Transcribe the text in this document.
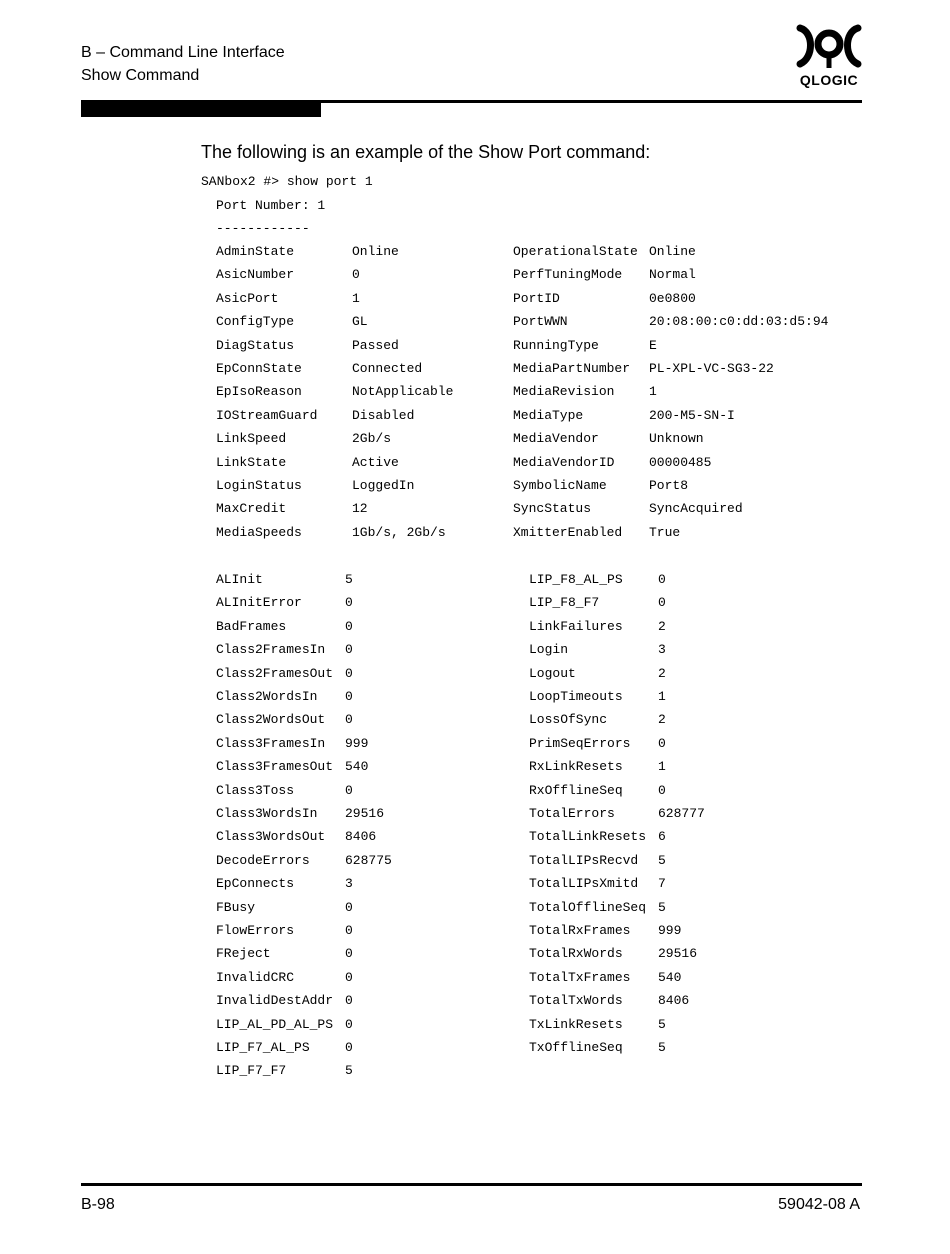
B – Command Line Interface
Show Command	QLOGIC
The following is an example of the Show Port command:
SANbox2 #> show port 1
Port Number: 1
------------
AdminState	Online	OperationalState Online
AsicNumber	0	PerfTuningMode Normal
AsicPort	1	PortID	0e0800
ConfigType	GL	PortWWN	20:08:00:c0:dd:03:d5:94
DiagStatus	Passed	RunningType	E
EpConnState	Connected	MediaPartNumber PL-XPL-VC-SG3-22
EpIsoReason	NotApplicable	MediaRevision	1
IOStreamGuard	Disabled	MediaType	200-M5-SN-I
LinkSpeed	2Gb/s	MediaVendor	Unknown
LinkState	Active	MediaVendorID	00000485
LoginStatus	LoggedIn	SymbolicName	Port8
MaxCredit	12	SyncStatus	SyncAcquired
MediaSpeeds	1Gb/s, 2Gb/s	XmitterEnabled True
ALInit	5	LIP_F8_AL_PS	0
ALInitError	0	LIP_F8_F7	0
BadFrames	0	LinkFailures	2
Class2FramesIn 0	Login	3
Class2FramesOut 0	Logout	2
Class2WordsIn 0	LoopTimeouts	1
Class2WordsOut 0	LossOfSync	2
Class3FramesIn 999	PrimSeqErrors 0
Class3FramesOut 540	RxLinkResets	1
Class3Toss	0	RxOfflineSeq	0
Class3WordsIn 29516	TotalErrors	628777
Class3WordsOut 8406	TotalLinkResets 6
DecodeErrors	628775	TotalLIPsRecvd 5
EpConnects	3	TotalLIPsXmitd 7
FBusy	0	TotalOfflineSeq 5
FlowErrors	0	TotalRxFrames 999
FReject	0	TotalRxWords	29516
InvalidCRC	0	TotalTxFrames 540
InvalidDestAddr 0	TotalTxWords	8406
LIP_AL_PD_AL_PS 0	TxLinkResets	5
LIP_F7_AL_PS	0	TxOfflineSeq	5
LIP_F7_F7	5
B-98	59042-08 A
